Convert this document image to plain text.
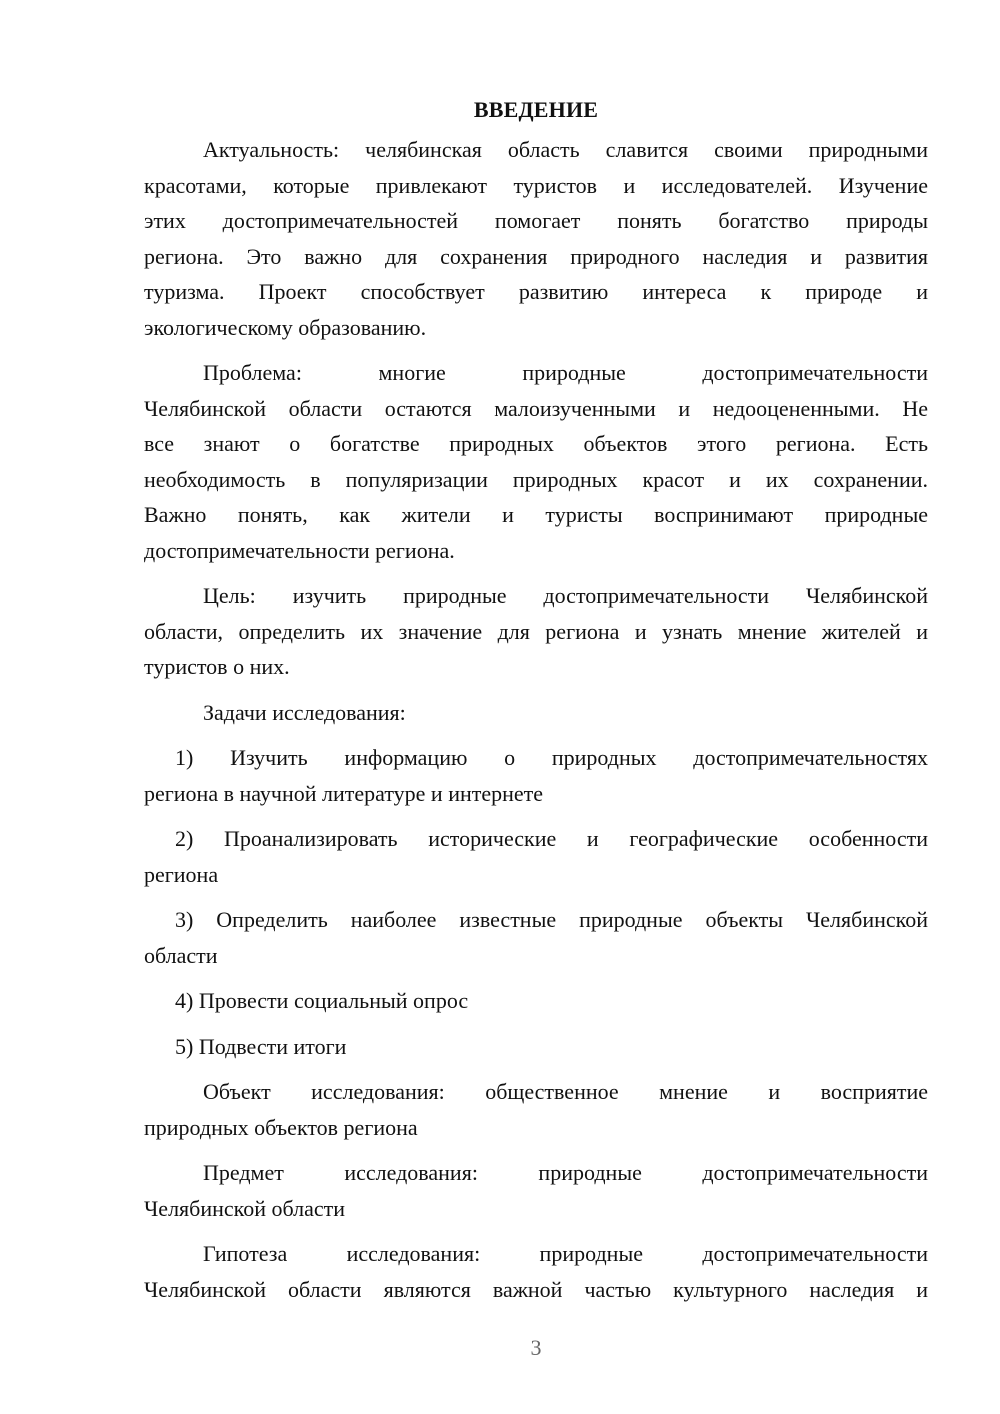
ВВЕДЕНИЕ
Актуальность: челябинская область славится своими природными
красотами, которые привлекают туристов и исследователей. Изучение
этих достопримечательностей помогает понять богатство природы
региона. Это важно для сохранения природного наследия и развития
туризма. Проект способствует развитию интереса к природе и
экологическому образованию.
Проблема: многие природные достопримечательности
Челябинской области остаются малоизученными и недооцененными. Не
все знают о богатстве природных объектов этого региона. Есть
необходимость в популяризации природных красот и их сохранении.
Важно понять, как жители и туристы воспринимают природные
достопримечательности региона.
Цель: изучить природные достопримечательности Челябинской
области, определить их значение для региона и узнать мнение жителей и
туристов о них.
Задачи исследования:
1) Изучить информацию о природных достопримечательностях
региона в научной литературе и интернете
2) Проанализировать исторические и географические особенности
региона
3) Определить наиболее известные природные объекты Челябинской
области
4) Провести социальный опрос
5) Подвести итоги
Объект исследования: общественное мнение и восприятие
природных объектов региона
Предмет исследования: природные достопримечательности
Челябинской области
Гипотеза исследования: природные достопримечательности
Челябинской области являются важной частью культурного наследия и
3
